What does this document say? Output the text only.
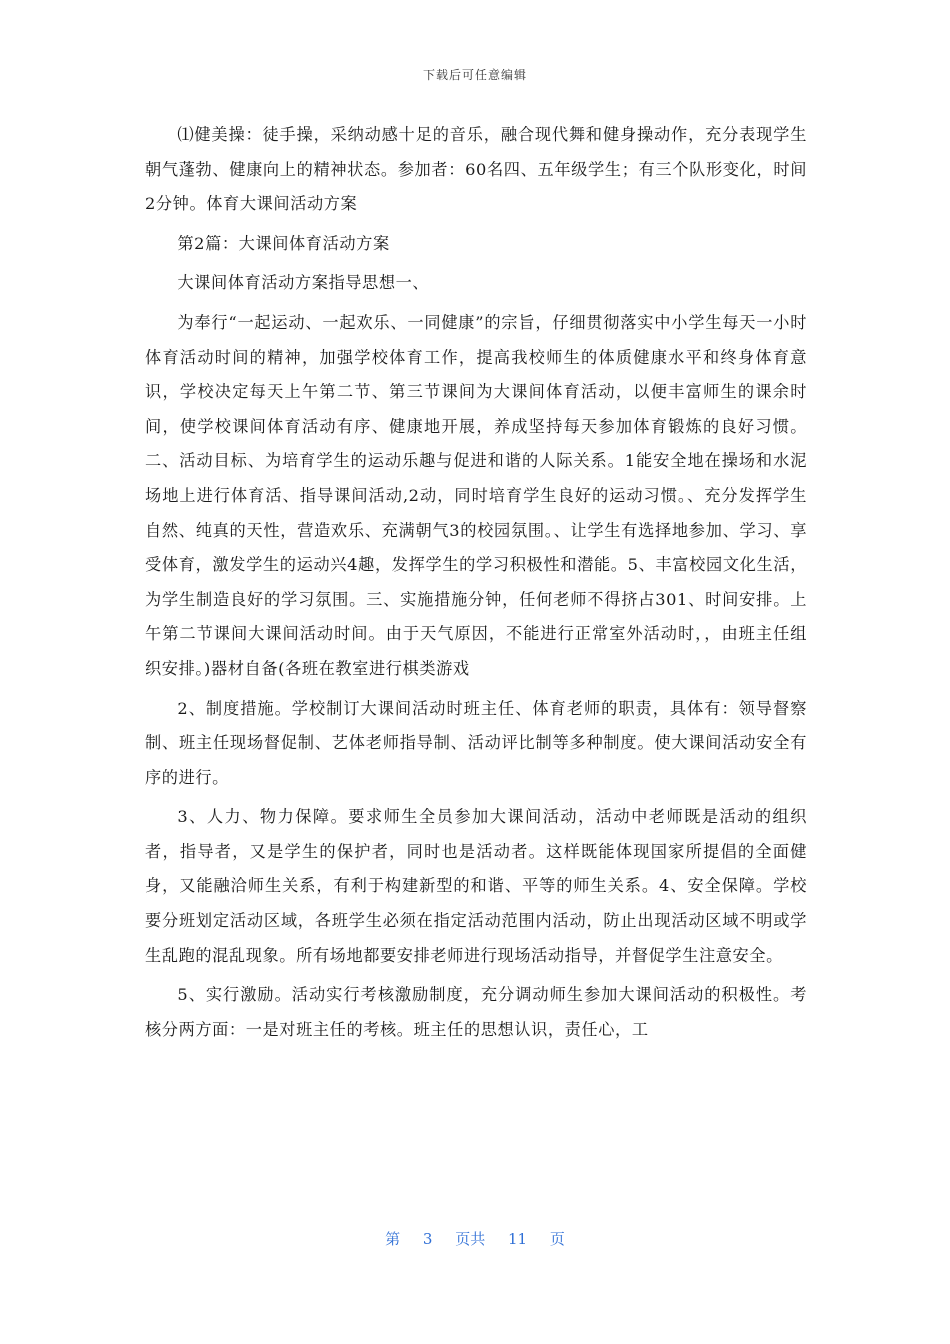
下载后可任意编辑

⑴健美操：徒手操，采纳动感十足的音乐，融合现代舞和健身操动作，充分表现学生朝气蓬勃、健康向上的精神状态。参加者：60名四、五年级学生；有三个队形变化，时间2分钟。体育大课间活动方案

第2篇：大课间体育活动方案

大课间体育活动方案指导思想一、

为奉行“一起运动、一起欢乐、一同健康”的宗旨，仔细贯彻落实中小学生每天一小时体育活动时间的精神，加强学校体育工作，提高我校师生的体质健康水平和终身体育意识，学校决定每天上午第二节、第三节课间为大课间体育活动，以便丰富师生的课余时间，使学校课间体育活动有序、健康地开展，养成坚持每天参加体育锻炼的良好习惯。二、活动目标、为培育学生的运动乐趣与促进和谐的人际关系。1能安全地在操场和水泥场地上进行体育活、指导课间活动,2动，同时培育学生良好的运动习惯。、充分发挥学生自然、纯真的天性，营造欢乐、充满朝气3的校园氛围。、让学生有选择地参加、学习、享受体育，激发学生的运动兴4趣，发挥学生的学习积极性和潜能。5、丰富校园文化生活，为学生制造良好的学习氛围。三、实施措施分钟，任何老师不得挤占301、时间安排。上午第二节课间大课间活动时间。由于天气原因，不能进行正常室外活动时，，由班主任组织安排。)器材自备(各班在教室进行棋类游戏

2、制度措施。学校制订大课间活动时班主任、体育老师的职责，具体有：领导督察制、班主任现场督促制、艺体老师指导制、活动评比制等多种制度。使大课间活动安全有序的进行。

3、人力、物力保障。要求师生全员参加大课间活动，活动中老师既是活动的组织者，指导者，又是学生的保护者，同时也是活动者。这样既能体现国家所提倡的全面健身，又能融洽师生关系，有利于构建新型的和谐、平等的师生关系。4、安全保障。学校要分班划定活动区域，各班学生必须在指定活动范围内活动，防止出现活动区域不明或学生乱跑的混乱现象。所有场地都要安排老师进行现场活动指导，并督促学生注意安全。

5、实行激励。活动实行考核激励制度，充分调动师生参加大课间活动的积极性。考核分两方面：一是对班主任的考核。班主任的思想认识，责任心，工

第 3 页共 11 页
